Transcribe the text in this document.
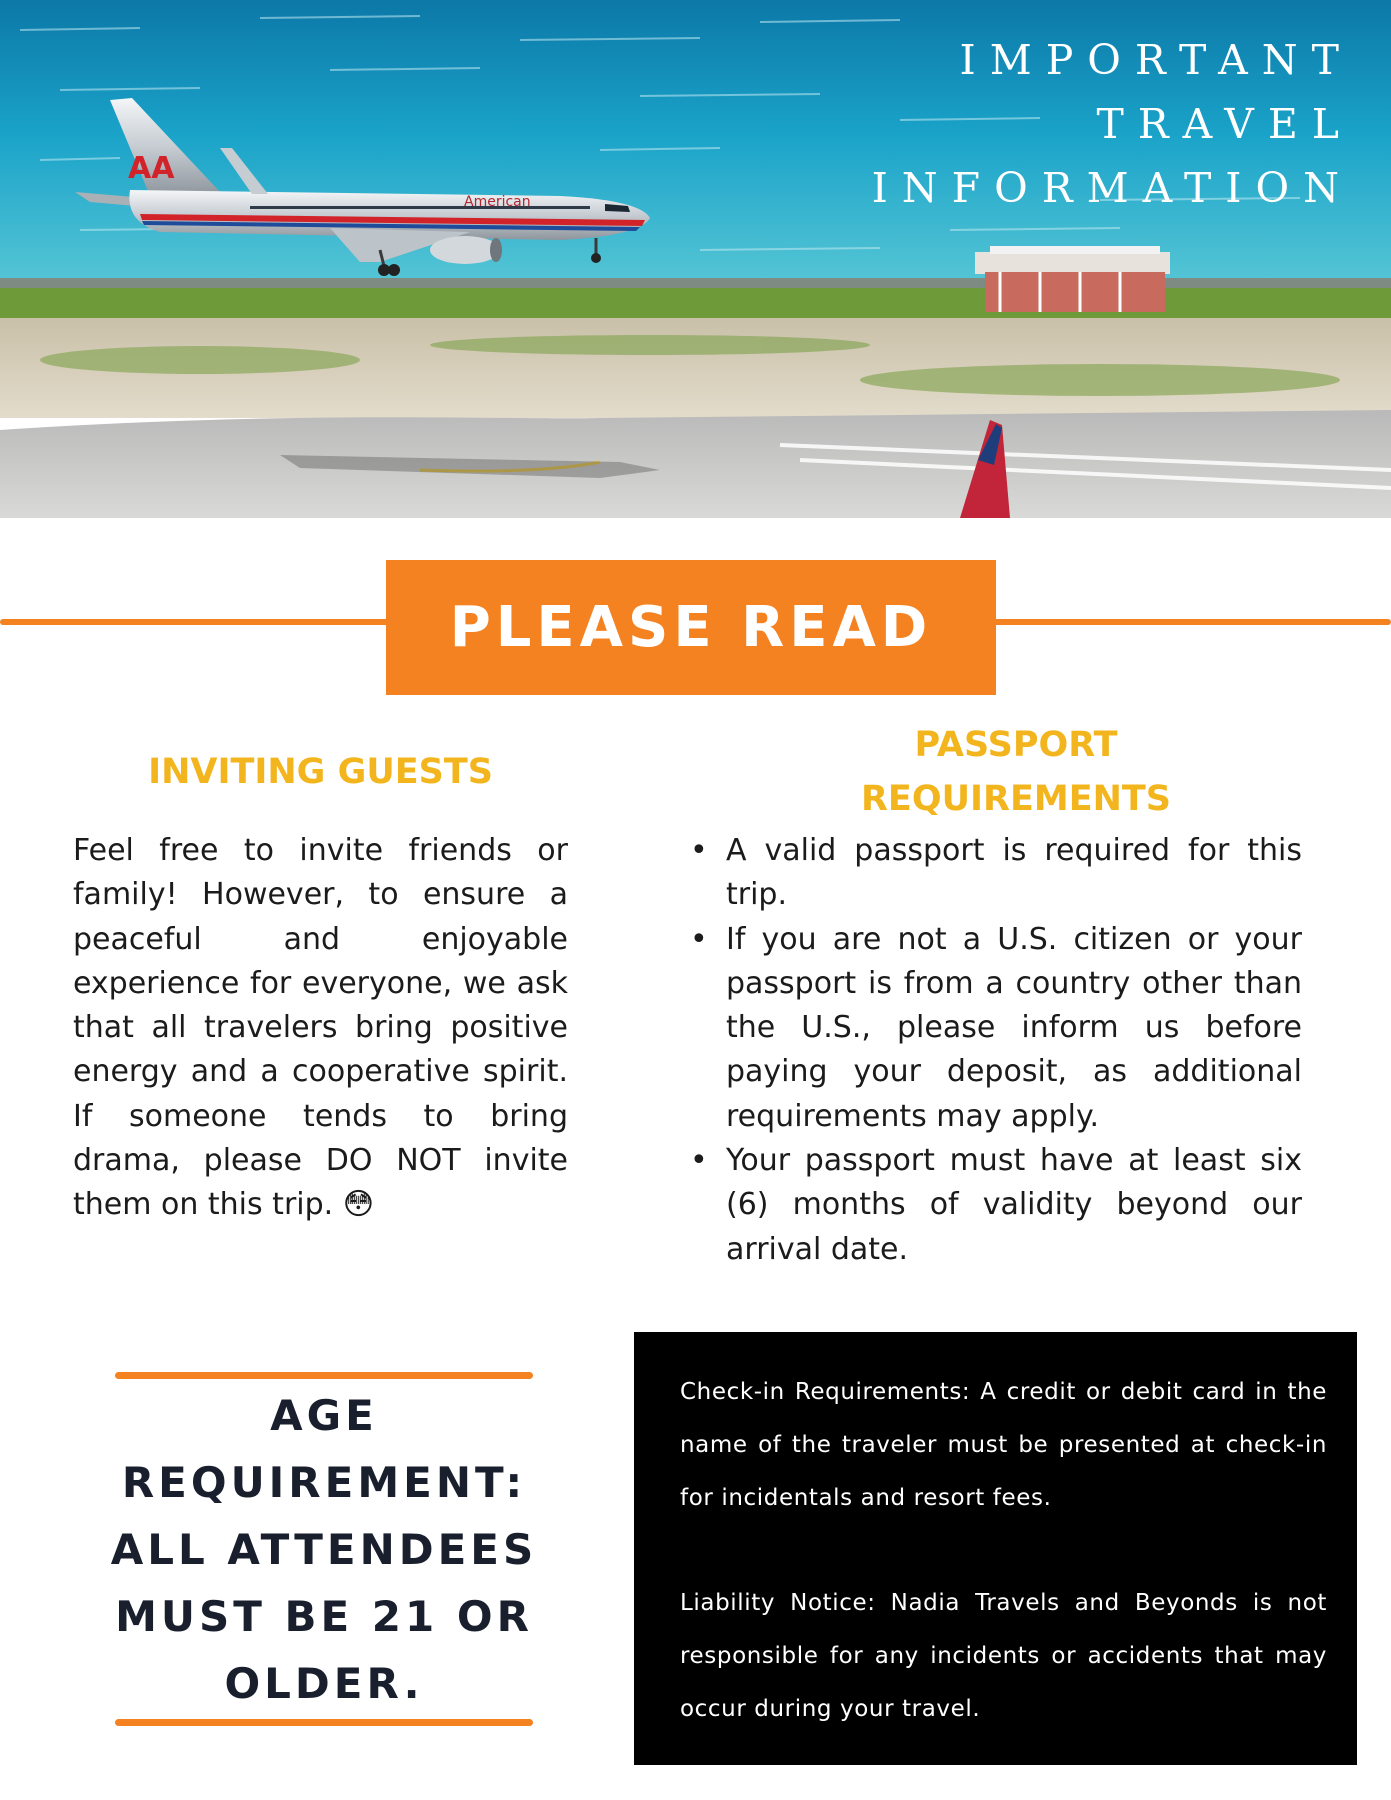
AA
American
IMPORTANT
TRAVEL
INFORMATION
PLEASE READ
INVITING GUESTS
Feel free to invite friends or family! However, to ensure a peaceful and enjoyable experience for everyone, we ask that all travelers bring positive energy and a cooperative spirit. If someone tends to bring drama, please DO NOT invite them on this trip. 😳
PASSPORT REQUIREMENTS
• A valid passport is required for this trip.
• If you are not a U.S. citizen or your passport is from a country other than the U.S., please inform us before paying your deposit, as additional requirements may apply.
• Your passport must have at least six (6) months of validity beyond our arrival date.
AGE REQUIREMENT: ALL ATTENDEES MUST BE 21 OR OLDER.

Check-in Requirements: A credit or debit card in the name of the traveler must be presented at check-in for incidentals and resort fees.

Liability Notice: Nadia Travels and Beyonds is not responsible for any incidents or accidents that may occur during your travel.
